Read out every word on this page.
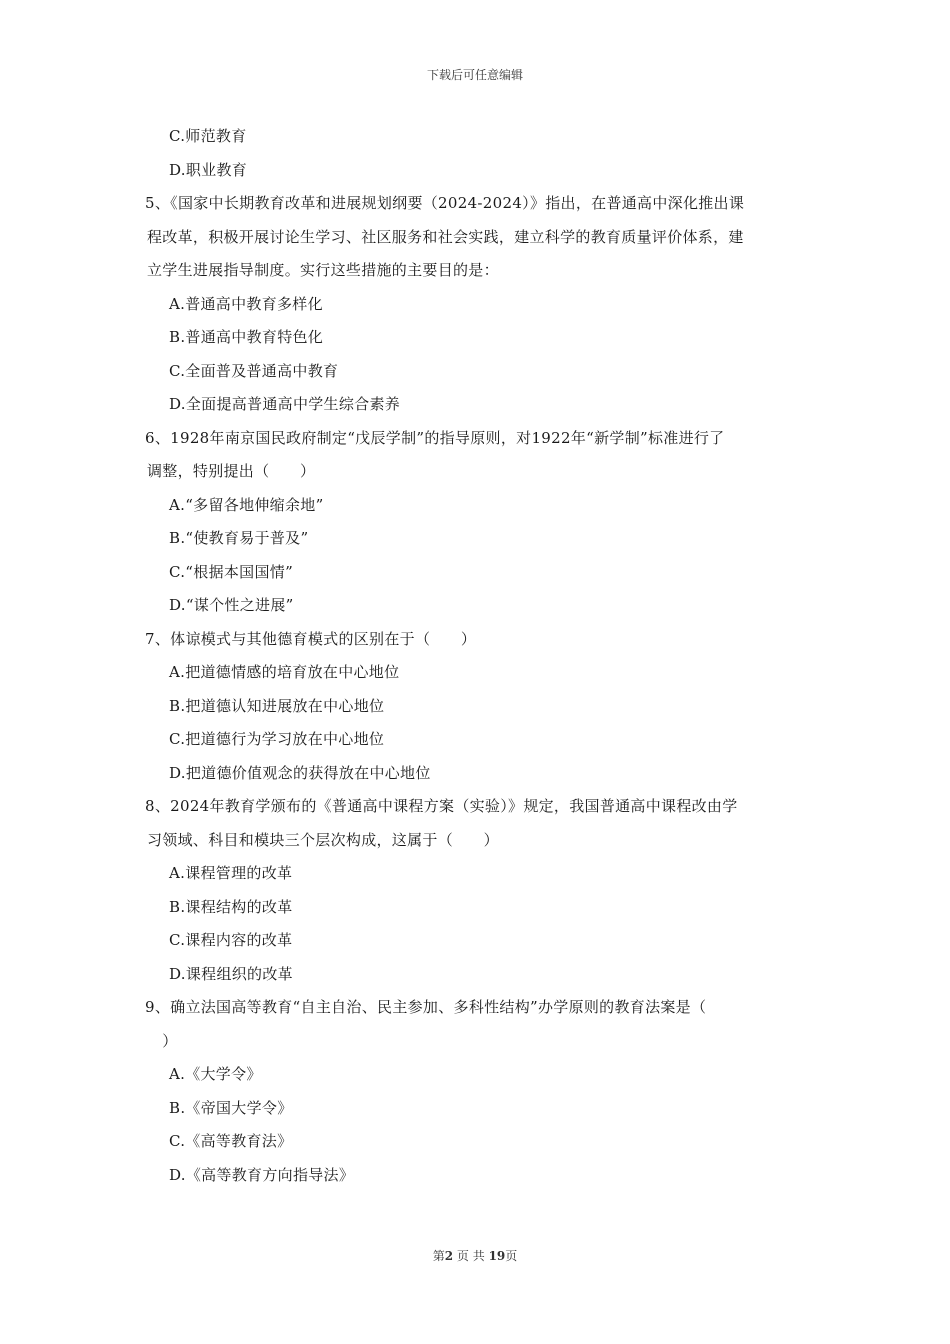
下载后可任意编辑
C.师范教育
D.职业教育
5、《国家中长期教育改革和进展规划纲要（2024-2024）》指出，在普通高中深化推出课
程改革，积极开展讨论生学习、社区服务和社会实践，建立科学的教育质量评价体系，建
立学生进展指导制度。实行这些措施的主要目的是：
A.普通高中教育多样化
B.普通高中教育特色化
C.全面普及普通高中教育
D.全面提高普通高中学生综合素养
6、1928年南京国民政府制定“戊辰学制”的指导原则，对1922年“新学制”标准进行了
调整，特别提出（　　）
A.“多留各地伸缩余地”
B.“使教育易于普及”
C.“根据本国国情”
D.“谋个性之进展”
7、体谅模式与其他德育模式的区别在于（　　）
A.把道德情感的培育放在中心地位
B.把道德认知进展放在中心地位
C.把道德行为学习放在中心地位
D.把道德价值观念的获得放在中心地位
8、2024年教育学颁布的《普通高中课程方案（实验）》规定，我国普通高中课程改由学
习领域、科目和模块三个层次构成，这属于（　　）
A.课程管理的改革
B.课程结构的改革
C.课程内容的改革
D.课程组织的改革
9、确立法国高等教育“自主自治、民主参加、多科性结构”办学原则的教育法案是（
　）
A.《大学令》
B.《帝国大学令》
C.《高等教育法》
D.《高等教育方向指导法》
第2 页 共 19页
